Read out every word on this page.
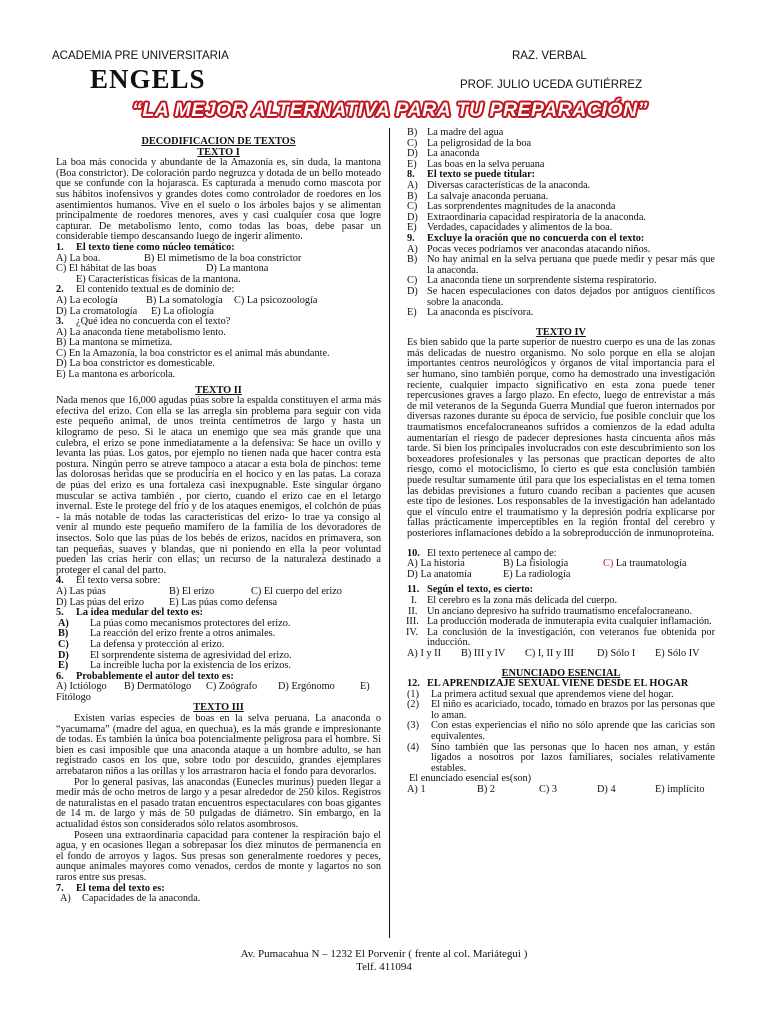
ACADEMIA PRE UNIVERSITARIA
ENGELS
RAZ. VERBAL
PROF. JULIO UCEDA GUTIÉRREZ
“LA MEJOR ALTERNATIVA PARA TU PREPARACIÓN”

DECODIFICACION DE TEXTOS

TEXTO I

La boa más conocida y abundante de la Amazonía es, sin duda, la mantona (Boa constrictor). De coloración pardo negruzca y dotada de un bello moteado que se confunde con la hojarasca. Es capturada a menudo como mascota por sus hábitos inofensivos y grandes dotes como controlador de roedores en los asentimientos humanos. Vive en el suelo o los árboles bajos y se alimentan principalmente de roedores menores, aves y casi cualquier cosa que logre capturar. De metabolismo lento, como todas las boas, debe pasar un considerable tiempo descansando luego de ingerir alimento.

1. El texto tiene como núcleo temático:

A) La boa.	B) El mimetismo de la boa constrictor

C) El hábitat de las boas	D) La mantona

E) Características físicas de la mantona.

2. El contenido textual es de dominio de:

A) La ecología	B) La somatología C) La psicozoología

D) La cromatología E) La ofiología

3. ¿Qué idea no concuerda con el texto?

A) La anaconda tiene metabolismo lento.

B) La mantona se mimetiza.

C) En la Amazonía, la boa constrictor es el animal más abundante.

D) La boa constrictor es domesticable.

E) La mantona es arborícola.

TEXTO II

Nada menos que 16,000 agudas púas sobre la espalda constituyen el arma más efectiva del erizo. Con ella se las arregla sin problema para seguir con vida este pequeño animal, de unos treinta centímetros de largo y hasta un kilogramo de peso. Si le ataca un enemigo que sea más grande que una culebra, el erizo se pone inmediatamente a la defensiva: Se hace un ovillo y levanta las púas. Los gatos, por ejemplo no tienen nada que hacer contra esta postura. Ningún perro se atreve tampoco a atacar a esta bola de pinchos: teme las dolorosas heridas que se produciría en el hocico y en las patas. La coraza de púas del erizo es una fortaleza casi inexpugnable. Este singular órgano muscular se activa también , por cierto, cuando el erizo cae en el letargo invernal. Este le protege del frío y de los ataques enemigos, el colchón de púas - la más notable de todas las características del erizo- lo trae ya consigo al venir al mundo este pequeño mamífero de la familia de los devoradores de insectos. Solo que las púas de los bebés de erizos, nacidos en primavera, son tan pequeñas, suaves y blandas, que ni poniendo en ella la peor voluntad pueden las crías herir con ellas; un recurso de la naturaleza destinado a proteger el canal del parto.

4. El texto versa sobre:

A) Las púas	B) El erizo	C) El cuerpo del erizo

D) Las púas del erizo E) Las púas como defensa

5. La idea medular del texto es:

A) La púas como mecanismos protectores del erizo.

B) La reacción del erizo frente a otros animales.

C) La defensa y protección al erizo.

D) El sorprendente sistema de agresividad del erizo.

E) La increíble lucha por la existencia de los erizos.

6. Probablemente el autor del texto es:

A) Ictiólogo B) Dermatólogo C) Zoógrafo D) Ergónomo E)

Fitólogo

TEXTO III

Existen varias especies de boas en la selva peruana. La anaconda o “yacumama” (madre del agua, en quechua), es la más grande e impresionante de todas. Es también la única boa potencialmente peligrosa para el hombre. Si bien es casi imposible que una anaconda ataque a un hombre adulto, se han registrado casos en los que, sobre todo por descuido, grandes ejemplares arrebataron niños a las orillas y los arrastraron hacia el fondo para devorarlos.

Por lo general pasivas, las anacondas (Eunecles murinus) pueden llegar a medir más de ocho metros de largo y a pesar alrededor de 250 kilos. Registros de naturalistas en el pasado tratan encuentros espectaculares con boas gigantes de 14 m. de largo y más de 50 pulgadas de diámetro. Sin embargo, en la actualidad éstos son considerados sólo relatos asombrosos.

Poseen una extraordinaria capacidad para contener la respiración bajo el agua, y en ocasiones llegan a sobrepasar los diez minutos de permanencia en el fondo de arroyos y lagos. Sus presas son generalmente roedores y peces, aunque animales mayores como venados, cerdos de monte y lagartos no son raros entre sus presas.

7. El tema del texto es:

A) Capacidades de la anaconda.

B) La madre del agua

C) La peligrosidad de la boa

D) La anaconda

E) Las boas en la selva peruana

8. El texto se puede titular:

A) Diversas características de la anaconda.

B) La salvaje anaconda peruana.

C) Las sorprendentes magnitudes de la anaconda

D) Extraordinaria capacidad respiratoria de la anaconda.

E) Verdades, capacidades y alimentos de la boa.

9. Excluye la oración que no concuerda con el texto:

A) Pocas veces podríamos ver anacondas atacando niños.

B) No hay animal en la selva peruana que puede medir y pesar más que la anaconda.

C) La anaconda tiene un sorprendente sistema respiratorio.

D) Se hacen especulaciones con datos dejados por antiguos científicos sobre la anaconda.

E) La anaconda es piscívora.

TEXTO IV

Es bien sabido que la parte superior de nuestro cuerpo es una de las zonas más delicadas de nuestro organismo. No solo porque en ella se alojan importantes centros neurológicos y órganos de vital importancia para el ser humano, sino también porque, como ha demostrado una investigación reciente, cualquier impacto significativo en esta zona puede tener repercusiones graves a largo plazo. En efecto, luego de entrevistar a más de mil veteranos de la Segunda Guerra Mundial que fueron internados por diversas razones durante su época de servicio, fue posible concluir que los traumatismos encefalocraneanos sufridos a comienzos de la edad adulta aumentarían el riesgo de padecer depresiones hasta cincuenta años más tarde. Si bien los principales involucrados con este descubrimiento son los boxeadores profesionales y las personas que practican deportes de alto riesgo, como el motociclismo, lo cierto es que esta conclusión también puede resultar sumamente útil para que los especialistas en el tema tomen las debidas previsiones a futuro cuando reciban a pacientes que acusen este tipo de lesiones. Los responsables de la investigación han adelantado que el vínculo entre el traumatismo y la depresión podría explicarse por fallas prácticamente imperceptibles en la región frontal del cerebro y posteriores inflamaciones debido a la sobreproducción de inmunoproteína.

10. El texto pertenece al campo de:

A) La historia	B) La fisiología	C) La traumatología

D) La anatomía	E) La radiología

11. Según el texto, es cierto:

I. El cerebro es la zona más delicada del cuerpo.

II. Un anciano depresivo ha sufrido traumatismo encefalocraneano.

III. La producción moderada de inmuterapia evita cualquier inflamación.

IV. La conclusión de la investigación, con veteranos fue obtenida por inducción.

A) I y II B) III y IV C) I, II y III D) Sólo I E) Sólo IV

ENUNCIADO ESENCIAL

12. EL APRENDIZAJE SEXUAL VIENE DESDE EL HOGAR

(1) La primera actitud sexual que aprendemos viene del hogar.

(2) El niño es acariciado, tocado, tomado en brazos por las personas que lo aman.

(3) Con estas experiencias el niño no sólo aprende que las caricias son equivalentes.

(4) Sino también que las personas que lo hacen nos aman, y están ligados a nosotros por lazos familiares, sociales relativamente estables.

El enunciado esencial es(son)

A) 1	B) 2	C) 3	D) 4	E) implícito

Av. Pumacahua N – 1232 El Porvenir ( frente al col. Mariátegui )
Telf. 411094
